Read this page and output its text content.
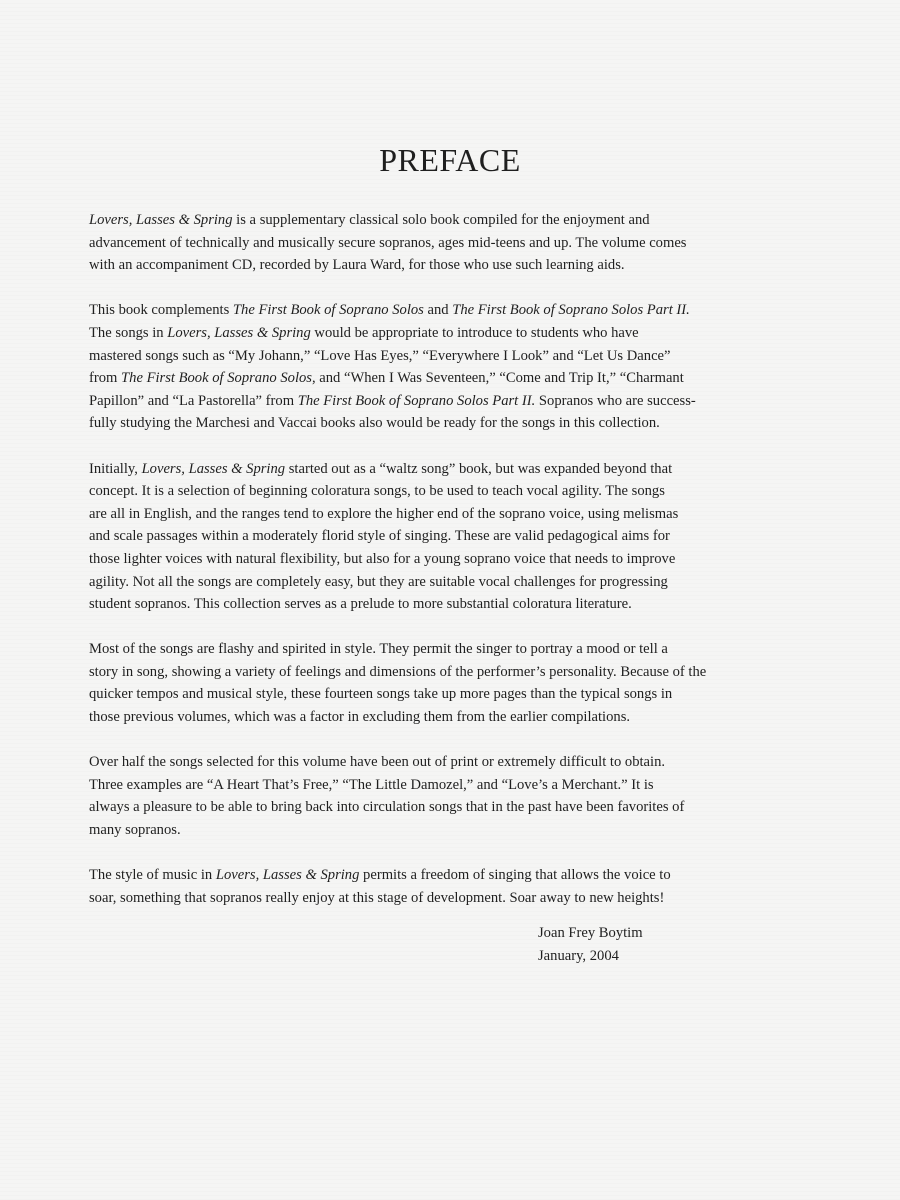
PREFACE

Lovers, Lasses & Spring is a supplementary classical solo book compiled for the enjoyment and
advancement of technically and musically secure sopranos, ages mid-teens and up. The volume comes
with an accompaniment CD, recorded by Laura Ward, for those who use such learning aids.

This book complements The First Book of Soprano Solos and The First Book of Soprano Solos Part II.
The songs in Lovers, Lasses & Spring would be appropriate to introduce to students who have
mastered songs such as “My Johann,” “Love Has Eyes,” “Everywhere I Look” and “Let Us Dance”
from The First Book of Soprano Solos, and “When I Was Seventeen,” “Come and Trip It,” “Charmant
Papillon” and “La Pastorella” from The First Book of Soprano Solos Part II. Sopranos who are success-
fully studying the Marchesi and Vaccai books also would be ready for the songs in this collection.

Initially, Lovers, Lasses & Spring started out as a “waltz song” book, but was expanded beyond that
concept. It is a selection of beginning coloratura songs, to be used to teach vocal agility. The songs
are all in English, and the ranges tend to explore the higher end of the soprano voice, using melismas
and scale passages within a moderately florid style of singing. These are valid pedagogical aims for
those lighter voices with natural flexibility, but also for a young soprano voice that needs to improve
agility. Not all the songs are completely easy, but they are suitable vocal challenges for progressing
student sopranos. This collection serves as a prelude to more substantial coloratura literature.

Most of the songs are flashy and spirited in style. They permit the singer to portray a mood or tell a
story in song, showing a variety of feelings and dimensions of the performer’s personality. Because of the
quicker tempos and musical style, these fourteen songs take up more pages than the typical songs in
those previous volumes, which was a factor in excluding them from the earlier compilations.

Over half the songs selected for this volume have been out of print or extremely difficult to obtain.
Three examples are “A Heart That’s Free,” “The Little Damozel,” and “Love’s a Merchant.” It is
always a pleasure to be able to bring back into circulation songs that in the past have been favorites of
many sopranos.

The style of music in Lovers, Lasses & Spring permits a freedom of singing that allows the voice to
soar, something that sopranos really enjoy at this stage of development. Soar away to new heights!

Joan Frey Boytim
January, 2004
